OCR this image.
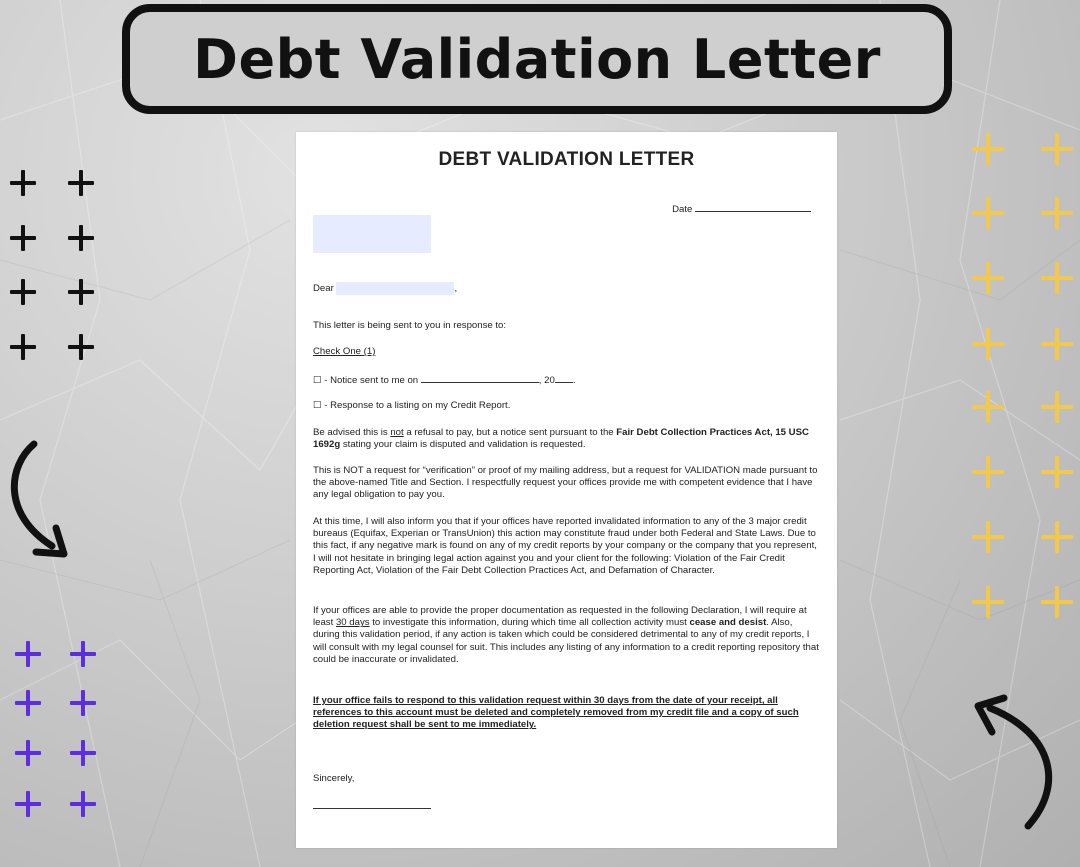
Debt Validation Letter
DEBT VALIDATION LETTER
Date

Dear	,

This letter is being sent to you in response to:

Check One (1)

☐ - Notice sent to me on	, 20 .

☐ - Response to a listing on my Credit Report.

Be advised this is not a refusal to pay, but a notice sent pursuant to the Fair Debt Collection Practices Act, 15 USC 1692g stating your claim is disputed and validation is requested.

This is NOT a request for “verification” or proof of my mailing address, but a request for VALIDATION made pursuant to the above-named Title and Section. I respectfully request your offices provide me with competent evidence that I have any legal obligation to pay you.

At this time, I will also inform you that if your offices have reported invalidated information to any of the 3 major credit bureaus (Equifax, Experian or TransUnion) this action may constitute fraud under both Federal and State Laws. Due to this fact, if any negative mark is found on any of my credit reports by your company or the company that you represent, I will not hesitate in bringing legal action against you and your client for the following: Violation of the Fair Credit Reporting Act, Violation of the Fair Debt Collection Practices Act, and Defamation of Character.

If your offices are able to provide the proper documentation as requested in the following Declaration, I will require at least 30 days to investigate this information, during which time all collection activity must cease and desist. Also, during this validation period, if any action is taken which could be considered detrimental to any of my credit reports, I will consult with my legal counsel for suit. This includes any listing of any information to a credit reporting repository that could be inaccurate or invalidated.

If your office fails to respond to this validation request within 30 days from the date of your receipt, all references to this account must be deleted and completely removed from my credit file and a copy of such deletion request shall be sent to me immediately.

Sincerely,
